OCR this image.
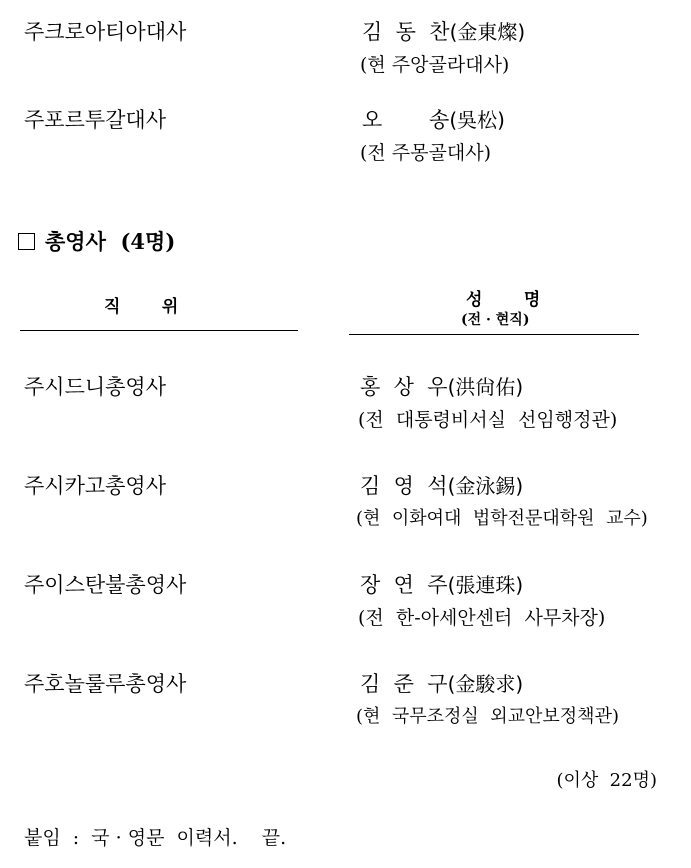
주크로아티아대사	김  동  찬(金東燦)
(현 주앙골라대사)
주포르투갈대사	오       송(吳松)
(전 주몽골대사)
총영사  (4명)
직       위	성       명
(전 · 현직)
주시드니총영사	홍  상  우(洪尙佑)
(전  대통령비서실  선임행정관)
주시카고총영사	김  영  석(金泳錫)
(현  이화여대  법학전문대학원  교수)
주이스탄불총영사	장  연  주(張連珠)
(전  한-아세안센터  사무차장)
주호놀룰루총영사	김  준  구(金駿求)
(현  국무조정실  외교안보정책관)
(이상  22명)
붙임  :  국 · 영문  이력서.    끝.
